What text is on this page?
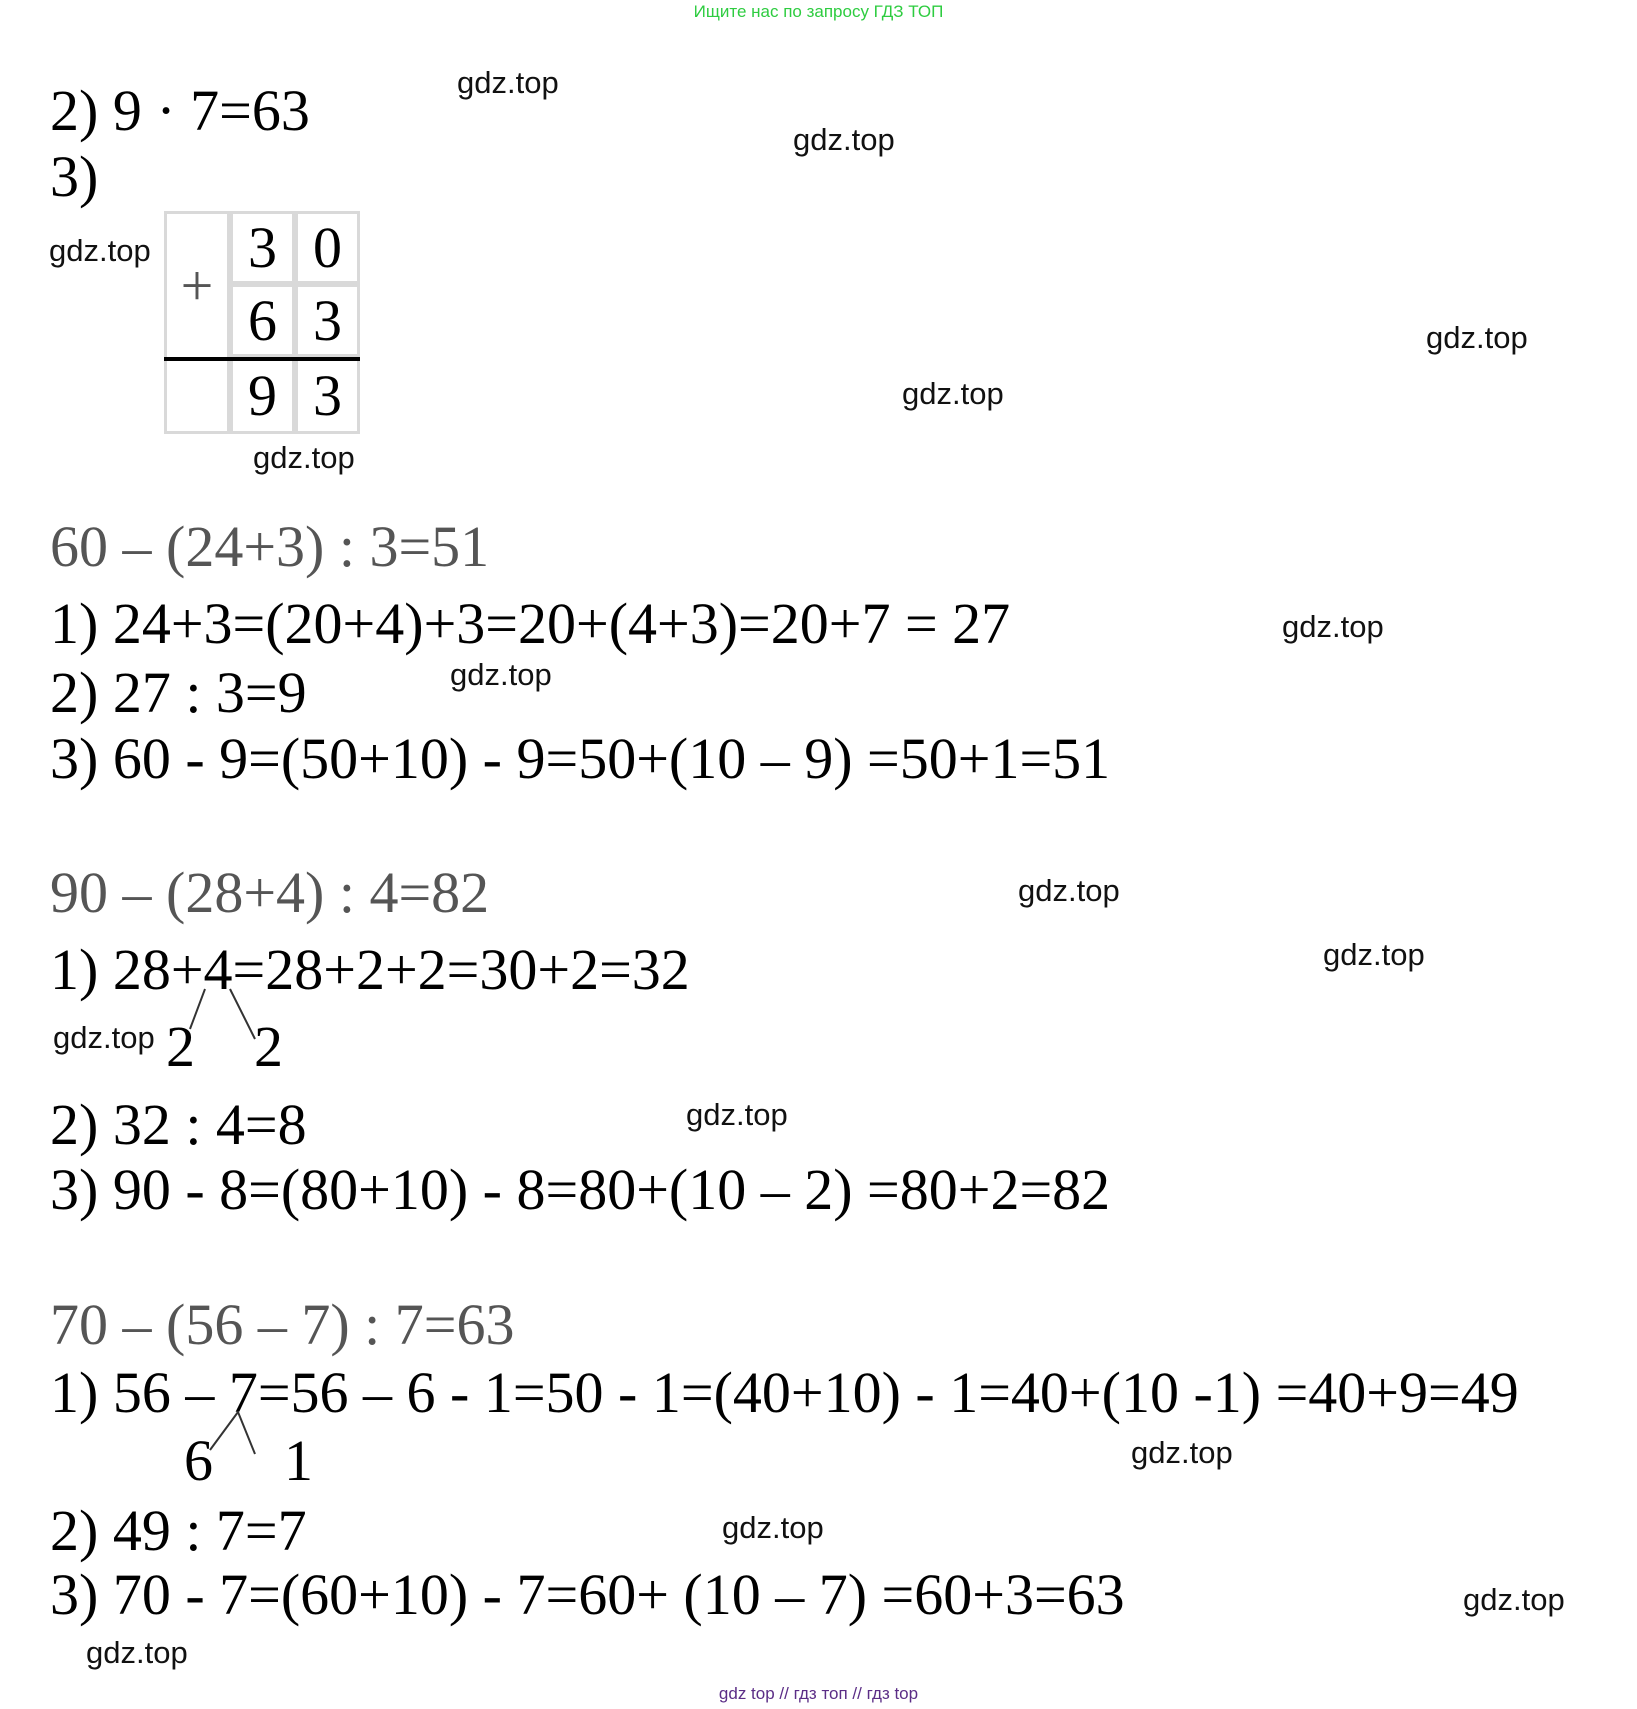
Ищите нас по запросу ГДЗ ТОП
2) 9 · 7=63
3)
+
3 0
6 3
9 3
60 – (24+3) : 3=51
1) 24+3=(20+4)+3=20+(4+3)=20+7 = 27
2) 27 : 3=9
3) 60 - 9=(50+10) - 9=50+(10 – 9) =50+1=51
90 – (28+4) : 4=82
1) 28+4=28+2+2=30+2=32
2 2
2) 32 : 4=8
3) 90 - 8=(80+10) - 8=80+(10 – 2) =80+2=82
70 – (56 – 7) : 7=63
1) 56 – 7=56 – 6 - 1=50 - 1=(40+10) - 1=40+(10 -1) =40+9=49
6 1
2) 49 : 7=7
3) 70 - 7=(60+10) - 7=60+ (10 – 7) =60+3=63
gdz.top
gdz.top
gdz.top
gdz.top
gdz.top
gdz.top
gdz.top
gdz.top
gdz.top
gdz.top
gdz.top
gdz.top
gdz.top
gdz.top
gdz.top
gdz.top
gdz top // гдз топ // гдз top
